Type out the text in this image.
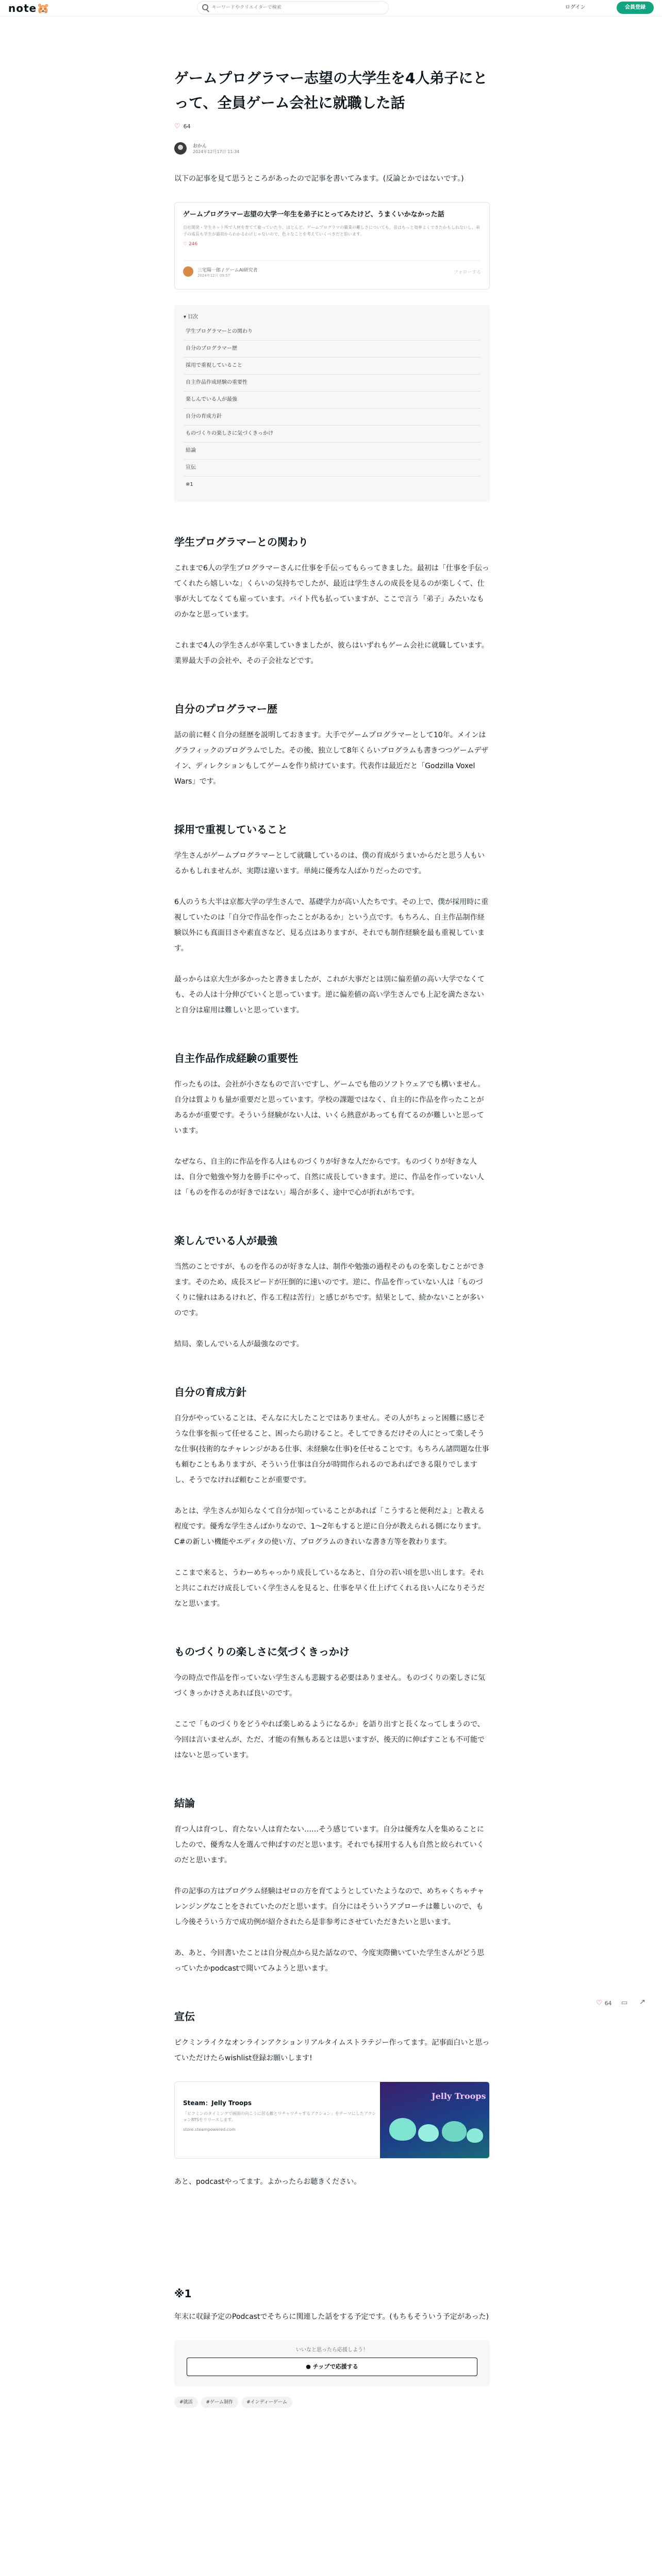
note🐹
キーワードやクリエイターで検索	ログイン	会員登録
ゲームプログラマー志望の大学生を4人弟子にとって、全員ゲーム会社に就職した話
♡ 64
おかん
2024年12月17日 11:34

以下の記事を見て思うところがあったので記事を書いてみます。(反論とかではないです。)

ゲームプログラマー志望の大学一年生を弟子にとってみたけど、うまくいかなかった話
自社開発・学生ネット所で人材を育てて雇っていたり、ほとんど。ゲームプログラマの職業の難しさについても、昔はもっと効率よくできたかもしれないし、弟子の成長も学生が最初からわかるわけじゃないので、色々なことを考えていくべきだと思います。
♡ 246
三宅陽一郎 / ゲームAI研究者
2024年12月 09:57
フォローする
▾ 目次
学生プログラマーとの関わり
自分のプログラマー歴
採用で重視していること
自主作品作成経験の重要性
楽しんでいる人が最強
自分の育成方針
ものづくりの楽しさに気づくきっかけ
結論
宣伝
※1
学生プログラマーとの関わり

これまで6人の学生プログラマーさんに仕事を手伝ってもらってきました。最初は「仕事を手伝ってくれたら嬉しいな」くらいの気持ちでしたが、最近は学生さんの成長を見るのが楽しくて、仕事が大してなくても雇っています。バイト代も払っていますが、ここで言う「弟子」みたいなものかなと思っています。

これまで4人の学生さんが卒業していきましたが、彼らはいずれもゲーム会社に就職しています。業界最大手の会社や、その子会社などです。

自分のプログラマー歴

話の前に軽く自分の経歴を説明しておきます。大手でゲームプログラマーとして10年。メインはグラフィックのプログラムでした。その後、独立して8年くらいプログラムも書きつつゲームデザイン、ディレクションもしてゲームを作り続けています。代表作は最近だと「Godzilla Voxel Wars」です。

採用で重視していること

学生さんがゲームプログラマーとして就職しているのは、僕の育成がうまいからだと思う人もいるかもしれませんが、実際は違います。単純に優秀な人ばかりだったのです。

6人のうち大半は京都大学の学生さんで、基礎学力が高い人たちです。その上で、僕が採用時に重視していたのは「自分で作品を作ったことがあるか」という点です。もちろん、自主作品制作経験以外にも真面目さや素直さなど、見る点はありますが、それでも制作経験を最も重視しています。

最っからは京大生が多かったと書きましたが、これが大事だとは別に偏差値の高い大学でなくても、その人は十分伸びていくと思っています。逆に偏差値の高い学生さんでも上記を満たさないと自分は雇用は難しいと思っています。

自主作品作成経験の重要性

作ったものは、会社が小さなもので言いですし、ゲームでも他のソフトウェアでも構いません。自分は質よりも量が重要だと思っています。学校の課題ではなく、自主的に作品を作ったことがあるかが重要です。そういう経験がない人は、いくら熱意があっても育てるのが難しいと思っています。

なぜなら、自主的に作品を作る人はものづくりが好きな人だからです。ものづくりが好きな人は、自分で勉強や努力を勝手にやって、自然に成長していきます。逆に、作品を作っていない人は「ものを作るのが好きではない」場合が多く、途中で心が折れがちです。

楽しんでいる人が最強

当然のことですが、ものを作るのが好きな人は、制作や勉強の過程そのものを楽しむことができます。そのため、成長スピードが圧倒的に速いのです。逆に、作品を作っていない人は「ものづくりに憧れはあるけれど、作る工程は苦行」と感じがちです。結果として、続かないことが多いのです。

結局、楽しんでいる人が最強なのです。

自分の育成方針

自分がやっていることは、そんなに大したことではありません。その人がちょっと困難に感じそうな仕事を振って任せること、困ったら助けること。そしてできるだけその人にとって楽しそうな仕事(技術的なチャレンジがある仕事、未経験な仕事)を任せることです。もちろん諸問題な仕事も頼むこともありますが、そういう仕事は自分が時間作られるのであればできる限りでしますし、そうでなければ頼むことが重要です。

あとは、学生さんが知らなくて自分が知っていることがあれば「こうすると便利だよ」と教える程度です。優秀な学生さんばかりなので、1〜2年もすると逆に自分が教えられる側になります。C#の新しい機能やエディタの使い方、プログラムのきれいな書き方等を教わります。

ここまで来ると、うわーめちゃっかり成長しているなあと、自分の若い頃を思い出します。それと共にこれだけ成長していく学生さんを見ると、仕事を早く仕上げてくれる良い人になりそうだなと思います。

ものづくりの楽しさに気づくきっかけ

今の時点で作品を作っていない学生さんも悲観する必要はありません。ものづくりの楽しさに気づくきっかけさえあれば良いのです。

ここで「ものづくりをどうやれば楽しめるようになるか」を語り出すと長くなってしまうので、今回は言いませんが、ただ、才能の有無もあるとは思いますが、後天的に伸ばすことも不可能ではないと思っています。

結論

育つ人は育つし、育たない人は育たない……そう感じています。自分は優秀な人を集めることにしたので、優秀な人を選んで伸ばすのだと思います。それでも採用する人も自然と絞られていくのだと思います。

件の記事の方はプログラム経験はゼロの方を育てようとしていたようなので、めちゃくちゃチャレンジングなことをされていたのだと思います。自分にはそういうアプローチは難しいので、もし今後そういう方で成功例が紹介されたら是非参考にさせていただきたいと思います。

あ、あと、今回書いたことは自分視点から見た話なので、今度実際働いていた学生さんがどう思っていたかpodcastで聞いてみようと思います。

宣伝

ピクミンライクなオンラインアクションリアルタイムストラテジー作ってます。記事面白いと思っていただけたらwishlist登録お願いします!

Steam：Jelly Troops
「ピクミンのタイミングで画面の向こうに居る敵とワチャワチャするアクション」をテーマにしたアクションRTSをリリースします。
store.steampowered.com
Jelly Troops

あと、podcastやってます。よかったらお聴きください。

※1

年末に収録予定のPodcastでそちらに関連した話をする予定です。(もちもそういう予定があった)

いいなと思ったら応援しよう！
● チップで応援する
#就活	#ゲーム制作	#インディーゲーム
♡ 64 ▭ ↗
